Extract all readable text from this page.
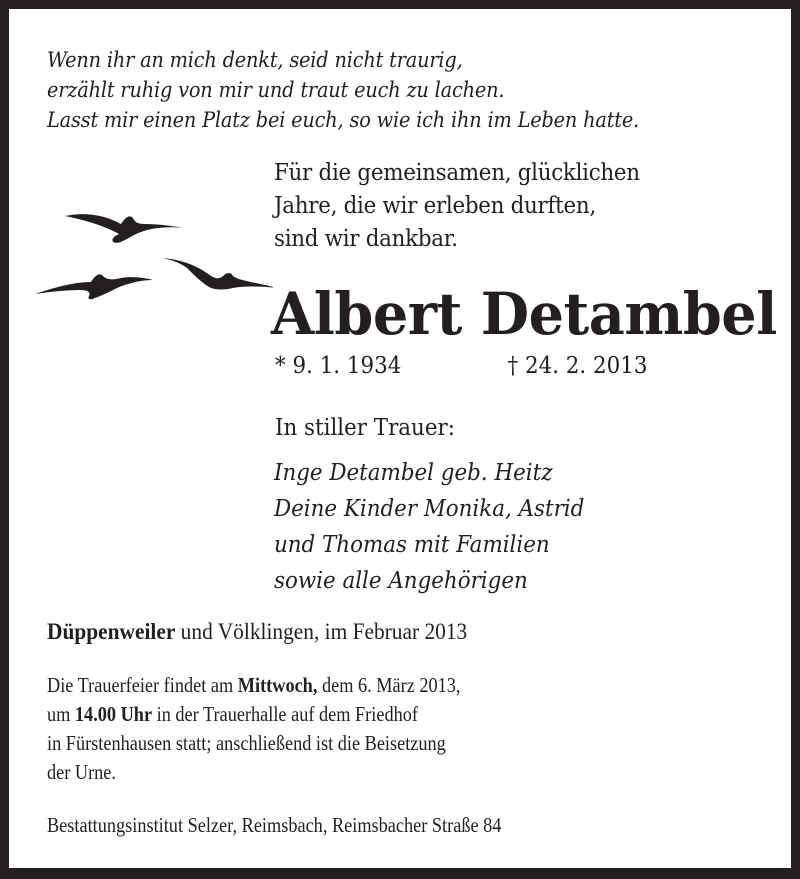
Wenn ihr an mich denkt, seid nicht traurig,
erzählt ruhig von mir und traut euch zu lachen.
Lasst mir einen Platz bei euch, so wie ich ihn im Leben hatte.
Für die gemeinsamen, glücklichen
Jahre, die wir erleben durften,
sind wir dankbar.
Albert Detambel
* 9. 1. 1934	† 24. 2. 2013
In stiller Trauer:
Inge Detambel geb. Heitz
Deine Kinder Monika, Astrid
und Thomas mit Familien
sowie alle Angehörigen
Düppenweiler und Völklingen, im Februar 2013
Die Trauerfeier findet am Mittwoch, dem 6. März 2013,
um 14.00 Uhr in der Trauerhalle auf dem Friedhof
in Fürstenhausen statt; anschließend ist die Beisetzung
der Urne.
Bestattungsinstitut Selzer, Reimsbach, Reimsbacher Straße 84
